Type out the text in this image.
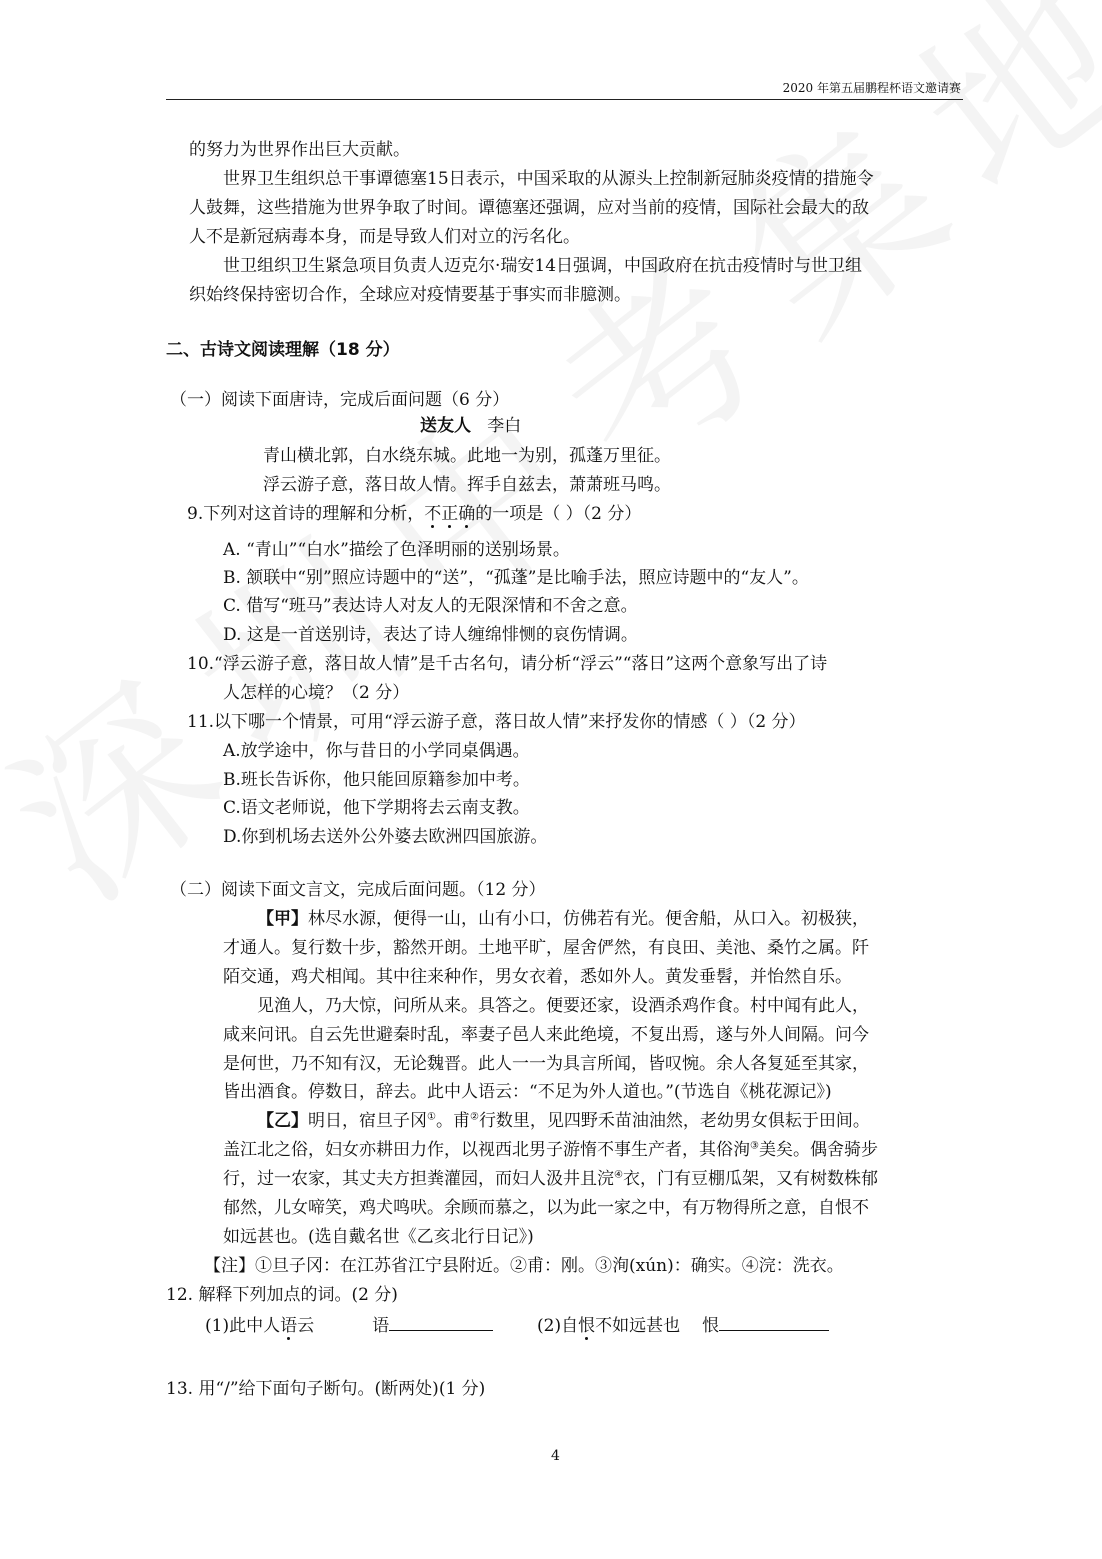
2020 年第五届鹏程杯语文邀请赛
的努力为世界作出巨大贡献。
世界卫生组织总干事谭德塞15日表示，中国采取的从源头上控制新冠肺炎疫情的措施令
人鼓舞，这些措施为世界争取了时间。谭德塞还强调，应对当前的疫情，国际社会最大的敌
人不是新冠病毒本身，而是导致人们对立的污名化。
世卫组织卫生紧急项目负责人迈克尔·瑞安14日强调，中国政府在抗击疫情时与世卫组
织始终保持密切合作，全球应对疫情要基于事实而非臆测。
二、古诗文阅读理解（18 分）
（一）阅读下面唐诗，完成后面问题（6 分）
送友人 李白
青山横北郭，白水绕东城。此地一为别，孤蓬万里征。
浮云游子意，落日故人情。挥手自兹去，萧萧班马鸣。
9.下列对这首诗的理解和分析，不正确的一项是（ ）（2 分）
A. “青山”“白水”描绘了色泽明丽的送别场景。
B. 颔联中“别”照应诗题中的“送”，“孤蓬”是比喻手法，照应诗题中的“友人”。
C. 借写“班马”表达诗人对友人的无限深情和不舍之意。
D. 这是一首送别诗，表达了诗人缠绵悱恻的哀伤情调。
10.“浮云游子意，落日故人情”是千古名句，请分析“浮云”“落日”这两个意象写出了诗
人怎样的心境？（2 分）
11.以下哪一个情景，可用“浮云游子意，落日故人情”来抒发你的情感（ ）（2 分）
A.放学途中，你与昔日的小学同桌偶遇。
B.班长告诉你，他只能回原籍参加中考。
C.语文老师说，他下学期将去云南支教。
D.你到机场去送外公外婆去欧洲四国旅游。
（二）阅读下面文言文，完成后面问题。（12 分）
【甲】林尽水源，便得一山，山有小口，仿佛若有光。便舍船，从口入。初极狭，
才通人。复行数十步，豁然开朗。土地平旷，屋舍俨然，有良田、美池、桑竹之属。阡
陌交通，鸡犬相闻。其中往来种作，男女衣着，悉如外人。黄发垂髫，并怡然自乐。
见渔人，乃大惊，问所从来。具答之。便要还家，设酒杀鸡作食。村中闻有此人，
咸来问讯。自云先世避秦时乱，率妻子邑人来此绝境，不复出焉，遂与外人间隔。问今
是何世，乃不知有汉，无论魏晋。此人一一为具言所闻，皆叹惋。余人各复延至其家，
皆出酒食。停数日，辞去。此中人语云：“不足为外人道也。”(节选自《桃花源记》)
【乙】明日，宿旦子冈①。甫②行数里，见四野禾苗油油然，老幼男女俱耘于田间。
盖江北之俗，妇女亦耕田力作，以视西北男子游惰不事生产者，其俗洵③美矣。偶舍骑步
行，过一农家，其丈夫方担粪灌园，而妇人汲井且浣④衣，门有豆棚瓜架，又有树数株郁
郁然，儿女啼笑，鸡犬鸣吠。余顾而慕之，以为此一家之中，有万物得所之意，自恨不
如远甚也。(选自戴名世《乙亥北行日记》)
【注】①旦子冈：在江苏省江宁县附近。②甫：刚。③洵(xún)：确实。④浣：洗衣。
12. 解释下列加点的词。(2 分)
(1)此中人语云	语	(2)自恨不如远甚也 恨
13. 用“/”给下面句子断句。(断两处)(1 分)
4
